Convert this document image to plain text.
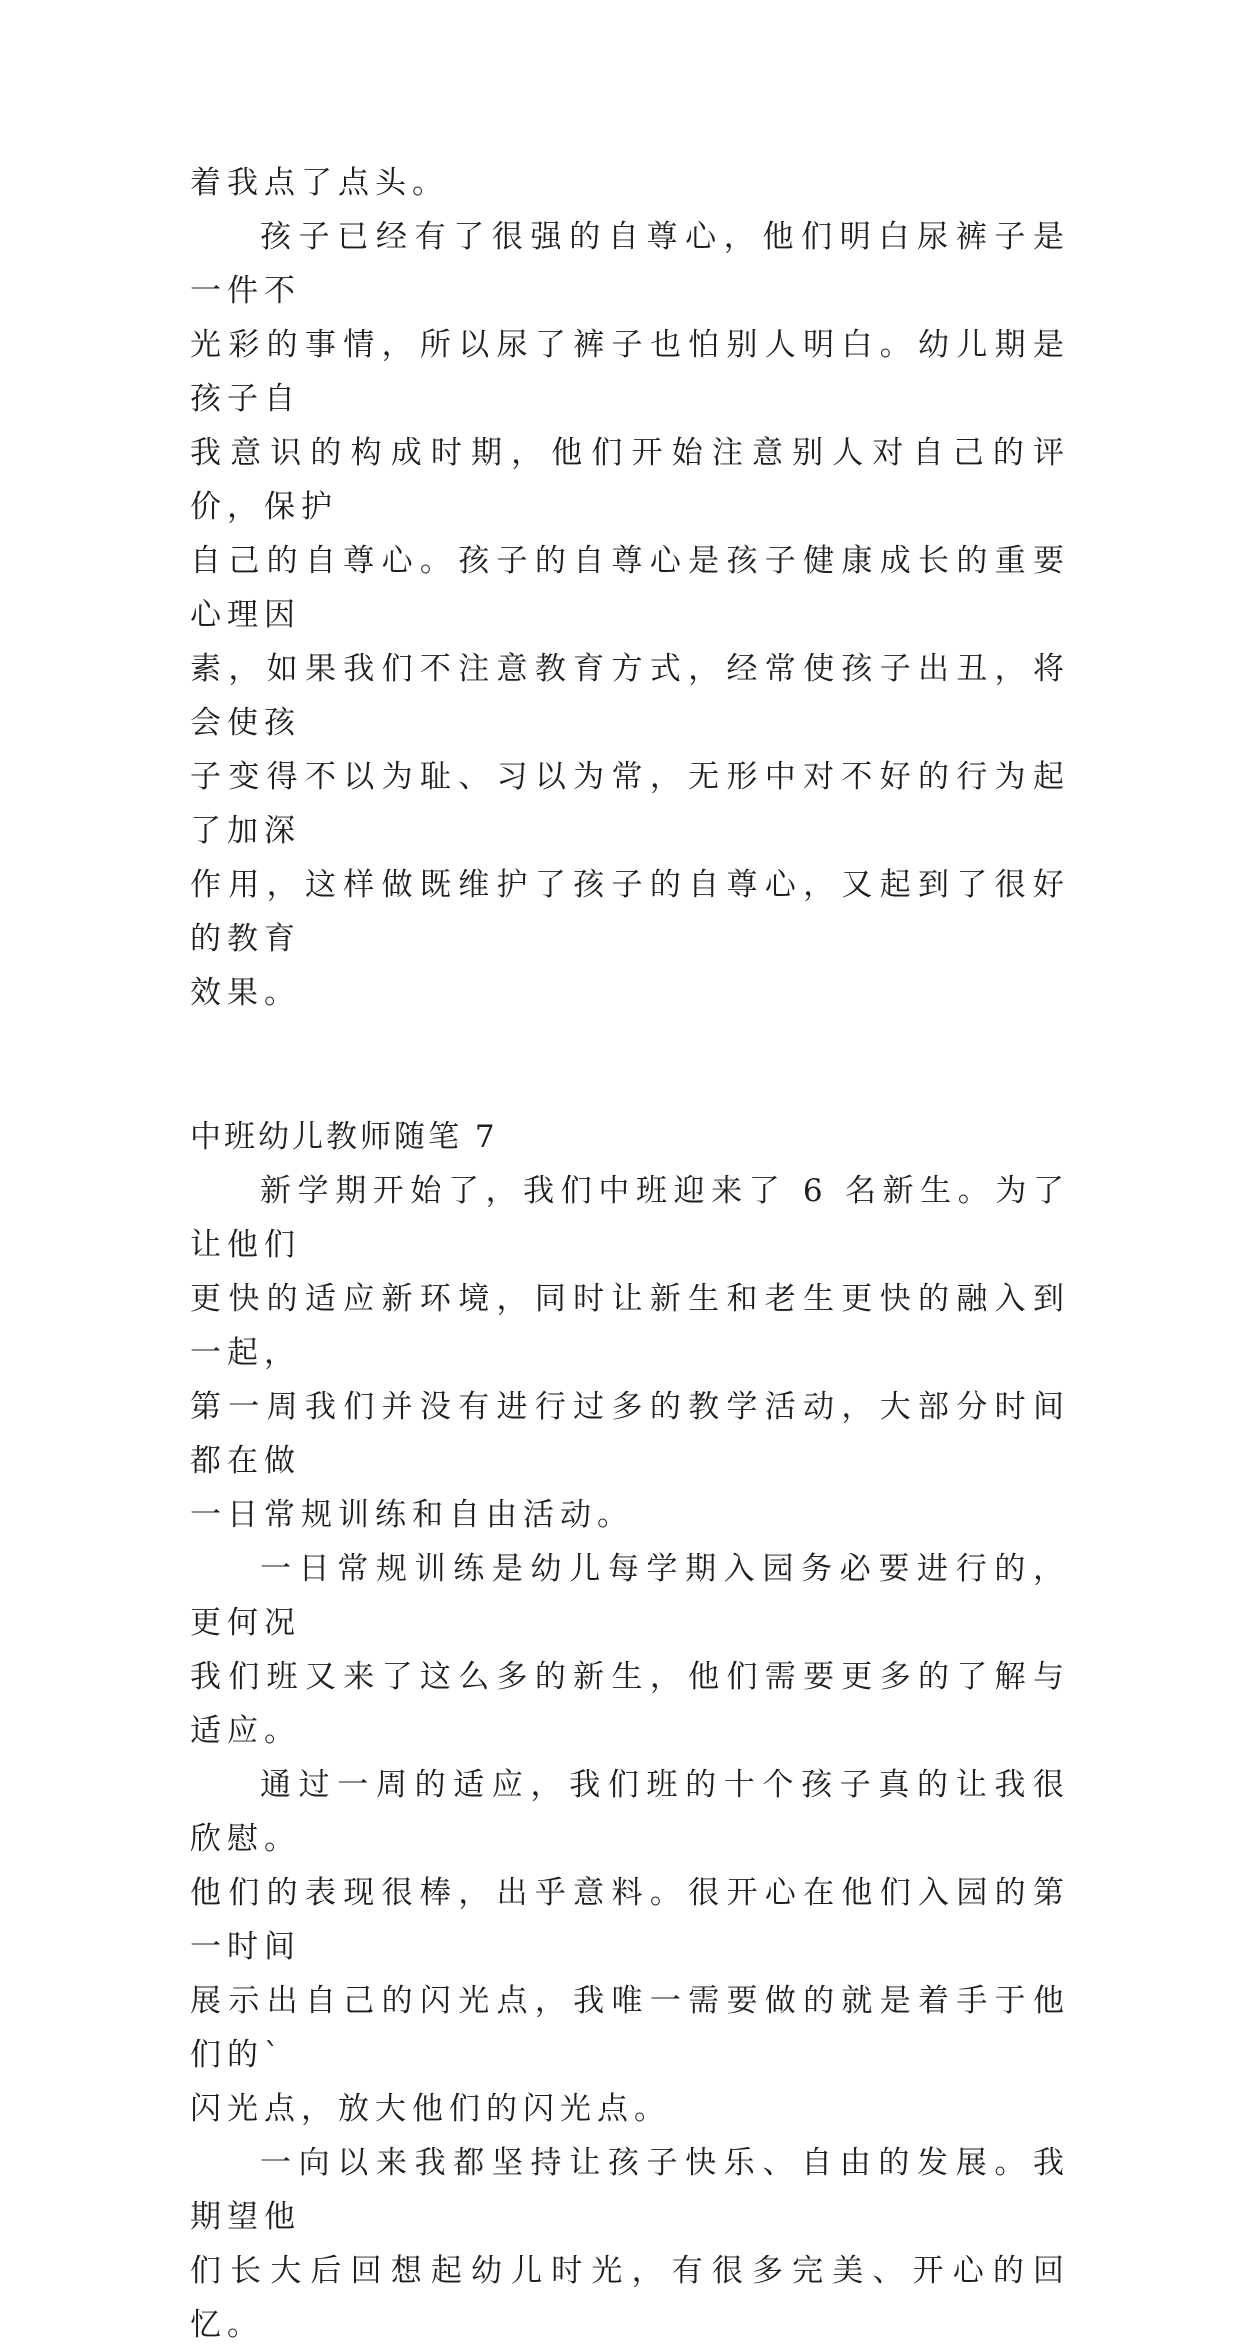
着我点了点头。

孩子已经有了很强的自尊心，他们明白尿裤子是一件不
光彩的事情，所以尿了裤子也怕别人明白。幼儿期是孩子自
我意识的构成时期，他们开始注意别人对自己的评价，保护
自己的自尊心。孩子的自尊心是孩子健康成长的重要心理因
素，如果我们不注意教育方式，经常使孩子出丑，将会使孩
子变得不以为耻、习以为常，无形中对不好的行为起了加深
作用，这样做既维护了孩子的自尊心，又起到了很好的教育
效果。

中班幼儿教师随笔 7

新学期开始了，我们中班迎来了 6 名新生。为了让他们
更快的适应新环境，同时让新生和老生更快的融入到一起，
第一周我们并没有进行过多的教学活动，大部分时间都在做
一日常规训练和自由活动。

一日常规训练是幼儿每学期入园务必要进行的，更何况
我们班又来了这么多的新生，他们需要更多的了解与适应。

通过一周的适应，我们班的十个孩子真的让我很欣慰。
他们的表现很棒，出乎意料。很开心在他们入园的第一时间
展示出自己的闪光点，我唯一需要做的就是着手于他们的`
闪光点，放大他们的闪光点。

一向以来我都坚持让孩子快乐、自由的发展。我期望他
们长大后回想起幼儿时光，有很多完美、开心的回忆。
